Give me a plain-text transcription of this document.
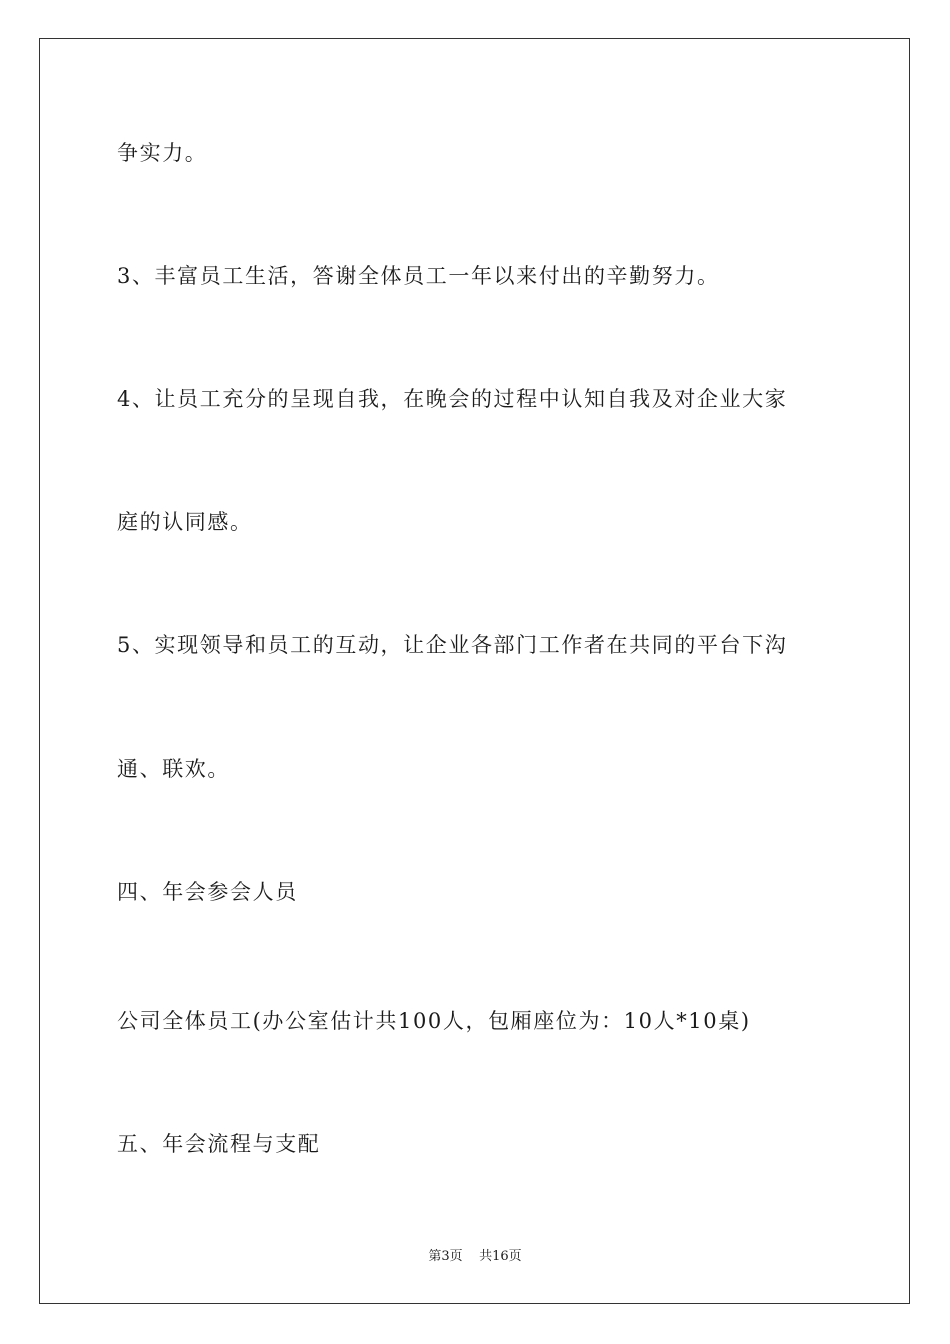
争实力。
3、丰富员工生活，答谢全体员工一年以来付出的辛勤努力。
4、让员工充分的呈现自我，在晚会的过程中认知自我及对企业大家
庭的认同感。
5、实现领导和员工的互动，让企业各部门工作者在共同的平台下沟
通、联欢。
四、年会参会人员
公司全体员工(办公室估计共100人，包厢座位为：10人*10桌)
五、年会流程与支配
第3页    共16页
